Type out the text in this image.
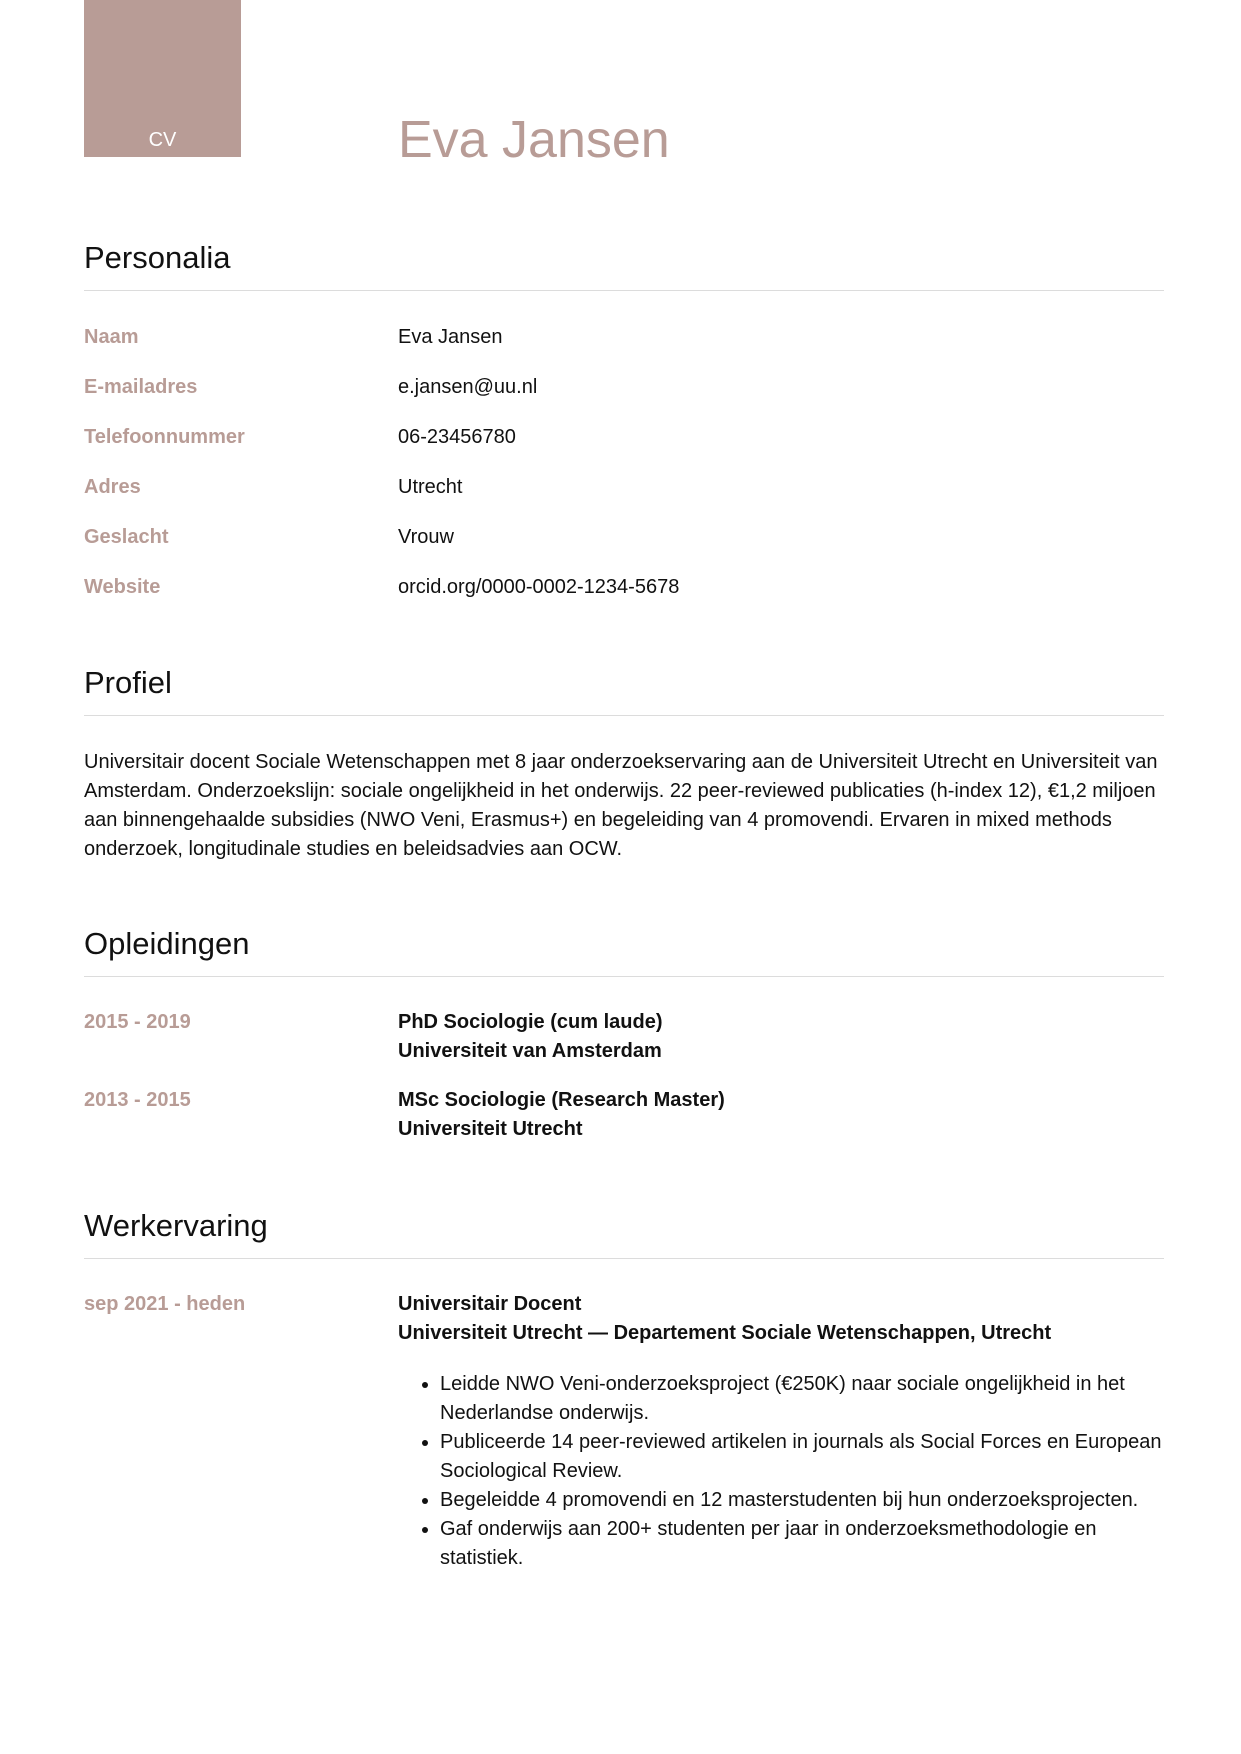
CV	Eva Jansen
Personalia
Naam	Eva Jansen
E-mailadres	e.jansen@uu.nl
Telefoonnummer	06-23456780
Adres	Utrecht
Geslacht	Vrouw
Website	orcid.org/0000-0002-1234-5678
Profiel

Universitair docent Sociale Wetenschappen met 8 jaar onderzoekservaring aan de Universiteit Utrecht en Universiteit van Amsterdam. Onderzoekslijn: sociale ongelijkheid in het onderwijs. 22 peer-reviewed publicaties (h-index 12), €1,2 miljoen aan binnengehaalde subsidies (NWO Veni, Erasmus+) en begeleiding van 4 promovendi. Ervaren in mixed methods onderzoek, longitudinale studies en beleidsadvies aan OCW.

Opleidingen
2015 - 2019	PhD Sociologie (cum laude)
Universiteit van Amsterdam
2013 - 2015	MSc Sociologie (Research Master)
Universiteit Utrecht
Werkervaring
sep 2021 - heden	Universitair Docent
Universiteit Utrecht — Departement Sociale Wetenschappen, Utrecht
• Leidde NWO Veni-onderzoeksproject (€250K) naar sociale ongelijkheid in het Nederlandse onderwijs.
• Publiceerde 14 peer-reviewed artikelen in journals als Social Forces en European Sociological Review.
• Begeleidde 4 promovendi en 12 masterstudenten bij hun onderzoeksprojecten.
• Gaf onderwijs aan 200+ studenten per jaar in onderzoeksmethodologie en statistiek.
